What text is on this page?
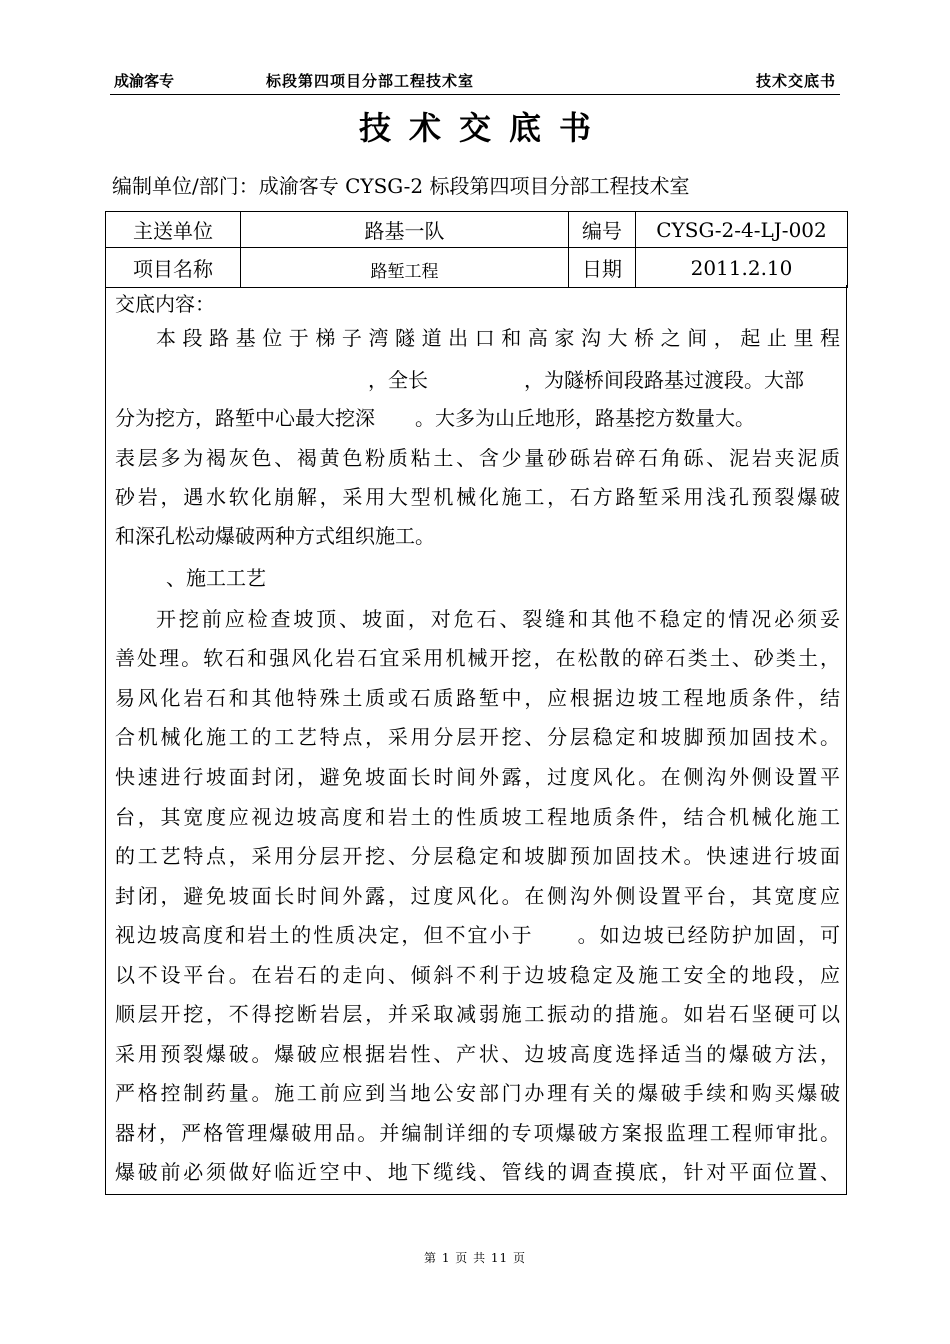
成渝客专	标段第四项目分部工程技术室	技术交底书
技术交底书
编制单位/部门：成渝客专 CYSG-2 标段第四项目分部工程技术室
主送单位	路基一队	编号	CYSG-2-4-LJ-002
项目名称	路堑工程	日期	2011.2.10
交底内容：
本段路基位于梯子湾隧道出口和高家沟大桥之间，起止里程
，全长	，为隧桥间段路基过渡段。大部
分为挖方，路堑中心最大挖深　　。大多为山丘地形，路基挖方数量大。
表层多为褐灰色、褐黄色粉质粘土、含少量砂砾岩碎石角砾、泥岩夹泥质
砂岩，遇水软化崩解，采用大型机械化施工，石方路堑采用浅孔预裂爆破
和深孔松动爆破两种方式组织施工。
、施工工艺
开挖前应检查坡顶、坡面，对危石、裂缝和其他不稳定的情况必须妥
善处理。软石和强风化岩石宜采用机械开挖，在松散的碎石类土、砂类土，
易风化岩石和其他特殊土质或石质路堑中，应根据边坡工程地质条件，结
合机械化施工的工艺特点，采用分层开挖、分层稳定和坡脚预加固技术。
快速进行坡面封闭，避免坡面长时间外露，过度风化。在侧沟外侧设置平
台，其宽度应视边坡高度和岩土的性质坡工程地质条件，结合机械化施工
的工艺特点，采用分层开挖、分层稳定和坡脚预加固技术。快速进行坡面
封闭，避免坡面长时间外露，过度风化。在侧沟外侧设置平台，其宽度应
视边坡高度和岩土的性质决定，但不宜小于　　。如边坡已经防护加固，可
以不设平台。在岩石的走向、倾斜不利于边坡稳定及施工安全的地段，应
顺层开挖，不得挖断岩层，并采取减弱施工振动的措施。如岩石坚硬可以
采用预裂爆破。爆破应根据岩性、产状、边坡高度选择适当的爆破方法，
严格控制药量。施工前应到当地公安部门办理有关的爆破手续和购买爆破
器材，严格管理爆破用品。并编制详细的专项爆破方案报监理工程师审批。
爆破前必须做好临近空中、地下缆线、管线的调查摸底，针对平面位置、
第 1 页 共 11 页
